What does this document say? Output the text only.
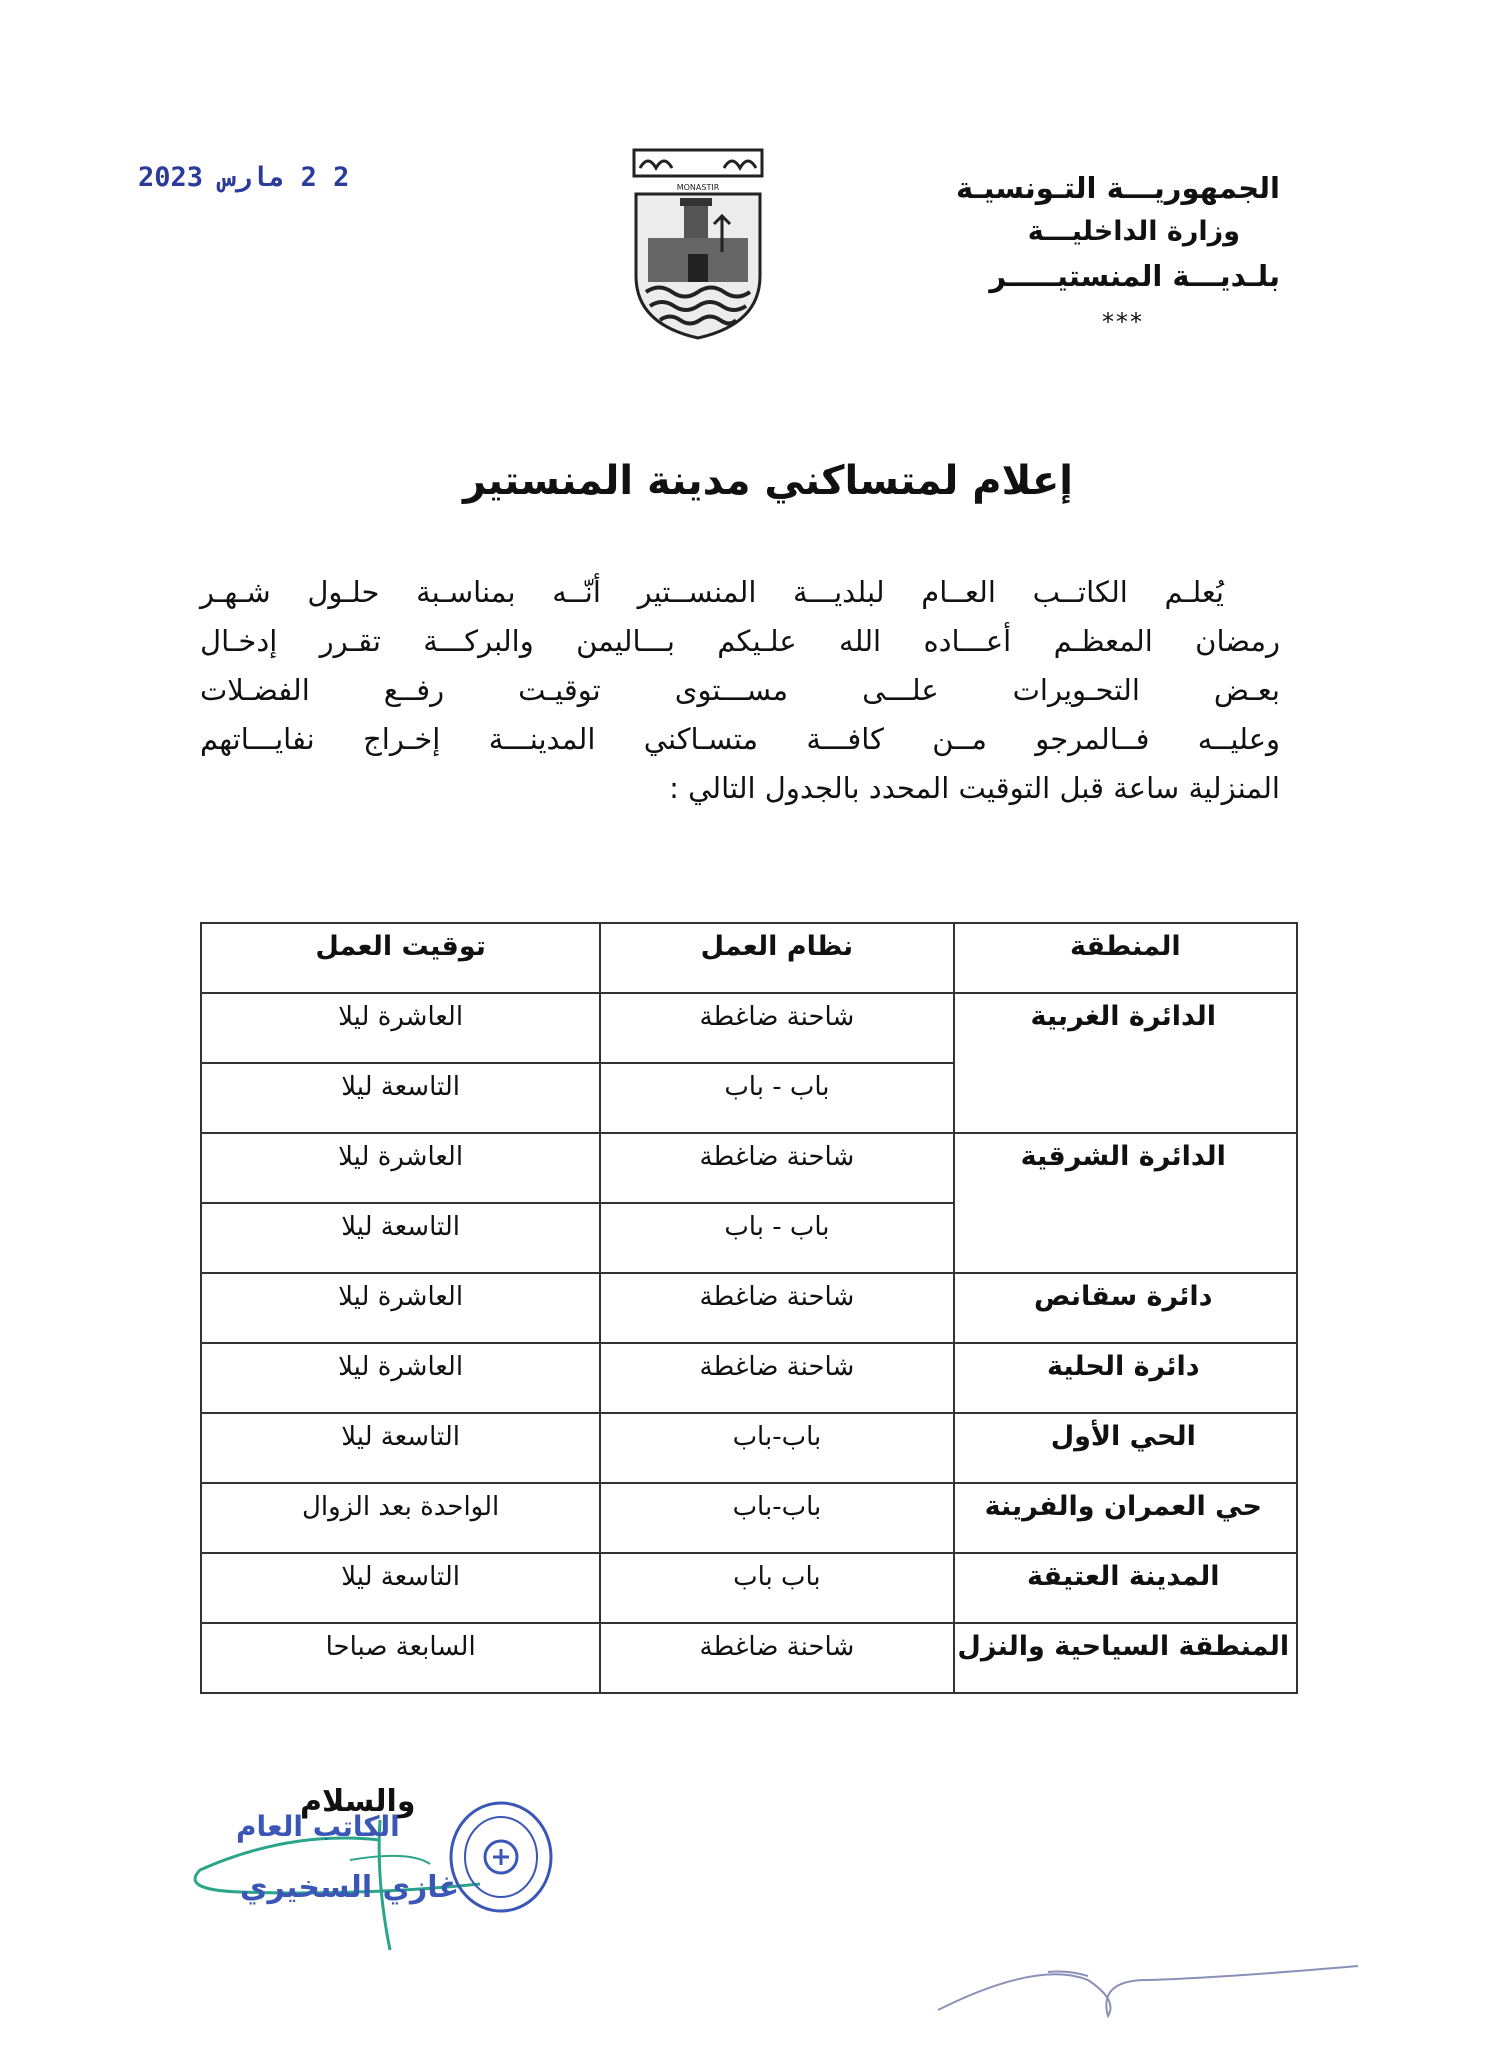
الجمهوريـــة التـونسيـة
وزارة الداخليـــة
بلـديـــة المنستيـــــر
***
MONASTIR
2 2 مارس 2023
إعلام لمتساكني مدينة المنستير
يُعلـم الكاتــب العــام لبلديـــة المنســتير أنّــه بمناسـبة حلـول شـهـر
رمضان المعظـم أعـــاده الله علـيكم بـــاليمن والبركـــة تقـرر إدخـال
بعـض التحـويرات علـــى مســـتوى توقيـت رفــع الفضـلات
وعليــه فــالمرجو مــن كافـــة متسـاكني المدينـــة إخـراج نفايـــاتهم
المنزلية ساعة قبل التوقيت المحدد بالجدول التالي :
المنطقة	نظام العمل	توقيت العمل
الدائرة الغربية	شاحنة ضاغطة	العاشرة ليلا
	باب - باب	التاسعة ليلا
الدائرة الشرقية	شاحنة ضاغطة	العاشرة ليلا
	باب - باب	التاسعة ليلا
دائرة سقانص	شاحنة ضاغطة	العاشرة ليلا
دائرة الحلية	شاحنة ضاغطة	العاشرة ليلا
الحي الأول	باب-باب	التاسعة ليلا
حي العمران والفرينة	باب-باب	الواحدة بعد الزوال
المدينة العتيقة	باب باب	التاسعة ليلا
المنطقة السياحية والنزل	شاحنة ضاغطة	السابعة صباحا
والسلام
الكاتب العام
غازي السخيري
